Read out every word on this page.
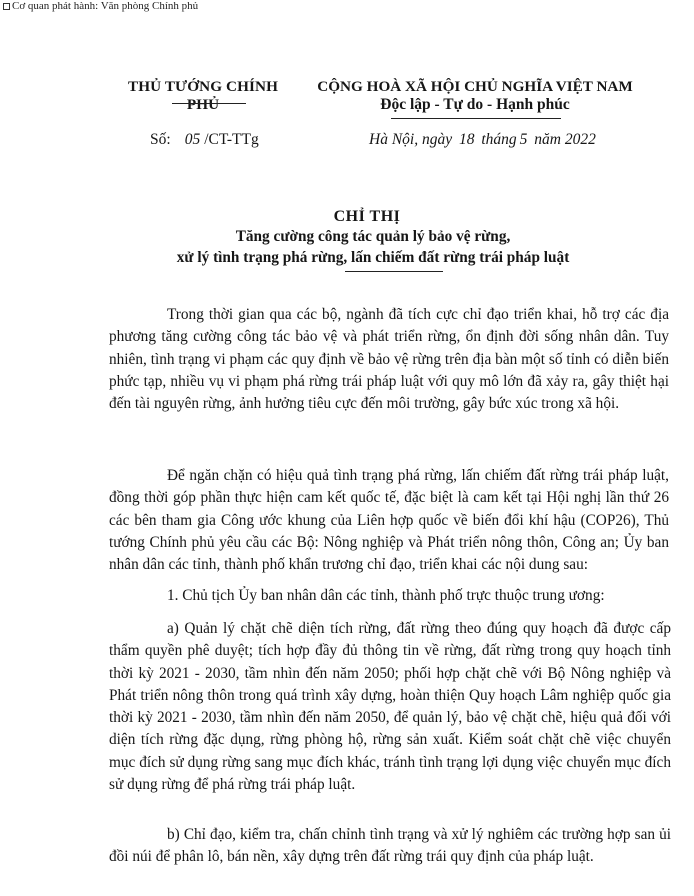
Cơ quan phát hành: Văn phòng Chính phủ
THỦ TƯỚNG CHÍNH PHỦ
CỘNG HOÀ XÃ HỘI CHỦ NGHĨA VIỆT NAM
Độc lập - Tự do - Hạnh phúc
Số: 05 /CT-TTg	Hà Nội, ngày 18 tháng 5 năm 2022
CHỈ THỊ
Tăng cường công tác quản lý bảo vệ rừng,
xử lý tình trạng phá rừng, lấn chiếm đất rừng trái pháp luật

Trong thời gian qua các bộ, ngành đã tích cực chỉ đạo triển khai, hỗ trợ các địa phương tăng cường công tác bảo vệ và phát triển rừng, ổn định đời sống nhân dân. Tuy nhiên, tình trạng vi phạm các quy định về bảo vệ rừng trên địa bàn một số tỉnh có diễn biến phức tạp, nhiều vụ vi phạm phá rừng trái pháp luật với quy mô lớn đã xảy ra, gây thiệt hại đến tài nguyên rừng, ảnh hưởng tiêu cực đến môi trường, gây bức xúc trong xã hội.

Để ngăn chặn có hiệu quả tình trạng phá rừng, lấn chiếm đất rừng trái pháp luật, đồng thời góp phần thực hiện cam kết quốc tế, đặc biệt là cam kết tại Hội nghị lần thứ 26 các bên tham gia Công ước khung của Liên hợp quốc về biến đổi khí hậu (COP26), Thủ tướng Chính phủ yêu cầu các Bộ: Nông nghiệp và Phát triển nông thôn, Công an; Ủy ban nhân dân các tỉnh, thành phố khẩn trương chỉ đạo, triển khai các nội dung sau:

1. Chủ tịch Ủy ban nhân dân các tỉnh, thành phố trực thuộc trung ương:

a) Quản lý chặt chẽ diện tích rừng, đất rừng theo đúng quy hoạch đã được cấp thẩm quyền phê duyệt; tích hợp đầy đủ thông tin về rừng, đất rừng trong quy hoạch tỉnh thời kỳ 2021 - 2030, tầm nhìn đến năm 2050; phối hợp chặt chẽ với Bộ Nông nghiệp và Phát triển nông thôn trong quá trình xây dựng, hoàn thiện Quy hoạch Lâm nghiệp quốc gia thời kỳ 2021 - 2030, tầm nhìn đến năm 2050, để quản lý, bảo vệ chặt chẽ, hiệu quả đối với diện tích rừng đặc dụng, rừng phòng hộ, rừng sản xuất. Kiểm soát chặt chẽ việc chuyển mục đích sử dụng rừng sang mục đích khác, tránh tình trạng lợi dụng việc chuyển mục đích sử dụng rừng để phá rừng trái pháp luật.

b) Chỉ đạo, kiểm tra, chấn chỉnh tình trạng và xử lý nghiêm các trường hợp san ủi đồi núi để phân lô, bán nền, xây dựng trên đất rừng trái quy định của pháp luật.
